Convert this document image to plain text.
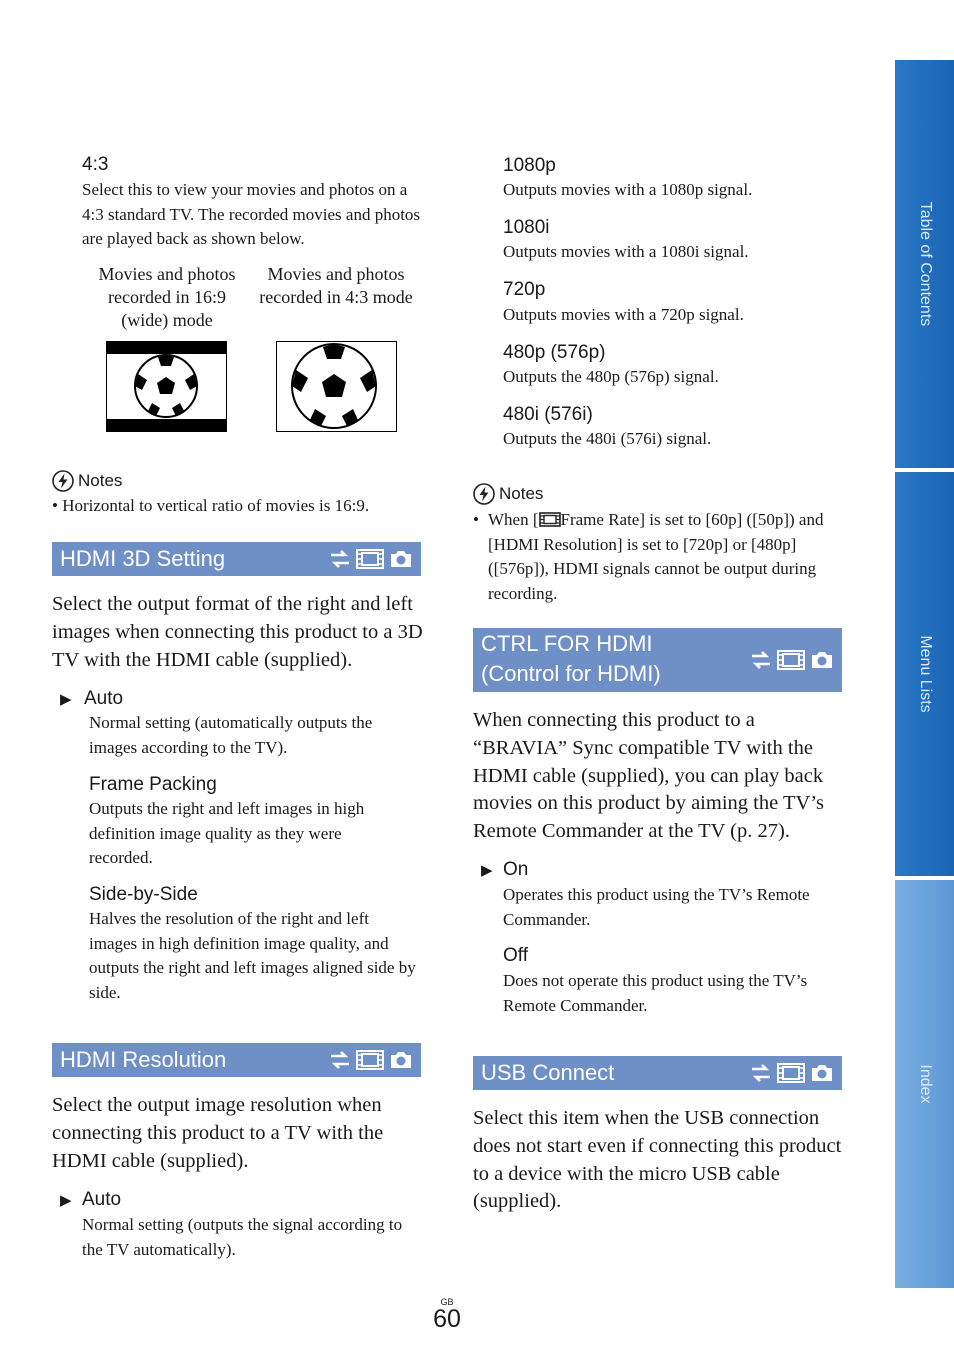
Table of Contents
Menu Lists
Index
4:3
Select this to view your movies and photos on a 4:3 standard TV. The recorded movies and photos are played back as shown below.
Movies and photos recorded in 16:9 (wide) mode
Movies and photos recorded in 4:3 mode
Notes
• Horizontal to vertical ratio of movies is 16:9.
HDMI 3D Setting
Select the output format of the right and left images when connecting this product to a 3D TV with the HDMI cable (supplied).
▶ Auto
Normal setting (automatically outputs the images according to the TV).
Frame Packing
Outputs the right and left images in high definition image quality as they were recorded.
Side-by-Side
Halves the resolution of the right and left images in high definition image quality, and outputs the right and left images aligned side by side.
HDMI Resolution
Select the output image resolution when connecting this product to a TV with the HDMI cable (supplied).
▶ Auto
Normal setting (outputs the signal according to the TV automatically).
1080p
Outputs movies with a 1080p signal.
1080i
Outputs movies with a 1080i signal.
720p
Outputs movies with a 720p signal.
480p (576p)
Outputs the 480p (576p) signal.
480i (576i)
Outputs the 480i (576i) signal.
Notes
• When [ Frame Rate] is set to [60p] ([50p]) and [HDMI Resolution] is set to [720p] or [480p] ([576p]), HDMI signals cannot be output during recording.
CTRL FOR HDMI
(Control for HDMI)
When connecting this product to a “BRAVIA” Sync compatible TV with the HDMI cable (supplied), you can play back movies on this product by aiming the TV’s Remote Commander at the TV (p. 27).
▶ On
Operates this product using the TV’s Remote Commander.
Off
Does not operate this product using the TV’s Remote Commander.
USB Connect
Select this item when the USB connection does not start even if connecting this product to a device with the micro USB cable (supplied).
GB
60
